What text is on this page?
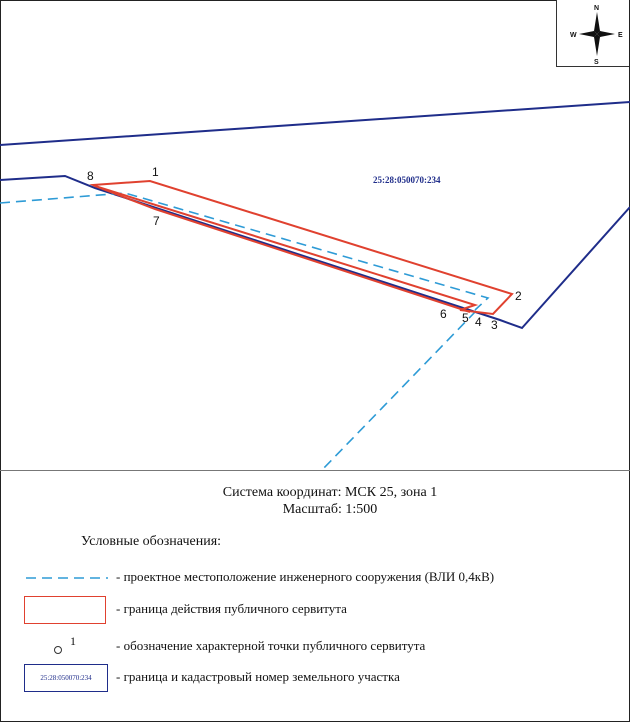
25:28:050070:234
1
2
3
4
5
6
7
8
N
S
W	E
Система координат: МСК 25, зона 1
Масштаб: 1:500
Условные обозначения:
- проектное местоположение инженерного сооружения (ВЛИ 0,4кВ)
- граница действия публичного сервитута
1	- обозначение характерной точки публичного сервитута
25:28:050070:234	- граница и кадастровый номер земельного участка
